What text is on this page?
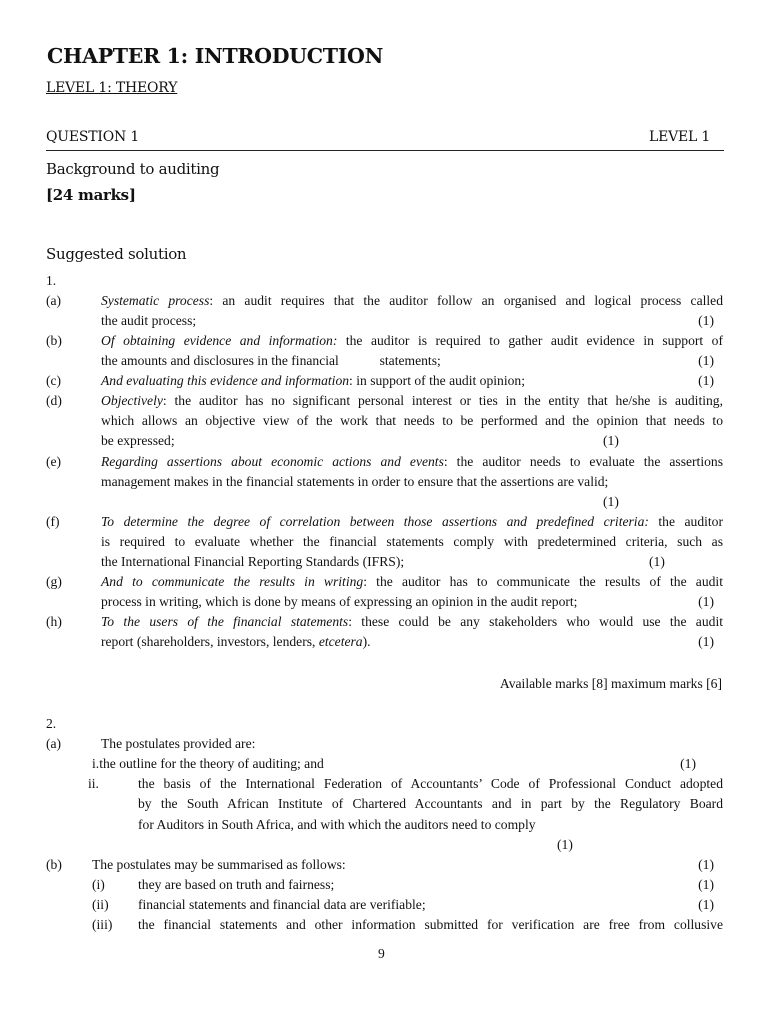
CHAPTER 1: INTRODUCTION
LEVEL 1: THEORY
QUESTION 1	LEVEL 1
Background to auditing
[24 marks]
Suggested solution
1.
(a)	Systematic process: an audit requires that the auditor follow an organised and logical process called
the audit process;	(1)
(b)	Of obtaining evidence and information: the auditor is required to gather audit evidence in support of
the amounts and disclosures in the financial            statements;	(1)
(c)	And evaluating this evidence and information: in support of the audit opinion;	(1)
(d)	Objectively: the auditor has no significant personal interest or ties in the entity that he/she is auditing,
which allows an objective view of the work that needs to be performed and the opinion that needs to
be expressed;	(1)
(e)	Regarding assertions about economic actions and events: the auditor needs to evaluate the assertions
management makes in the financial statements in order to ensure that the assertions are valid;
(1)
(f)	To determine the degree of correlation between those assertions and predefined criteria: the auditor
is required to evaluate whether the financial statements comply with predetermined criteria, such as
the International Financial Reporting Standards (IFRS);	(1)
(g)	And to communicate the results in writing: the auditor has to communicate the results of the audit
process in writing, which is done by means of expressing an opinion in the audit report;	(1)
(h)	To the users of the financial statements: these could be any stakeholders who would use the audit
report (shareholders, investors, lenders, etcetera).	(1)
Available marks [8] maximum marks [6]
2.
(a)	The postulates provided are:
i.the outline for the theory of auditing; and	(1)
ii.	the basis of the International Federation of Accountants’ Code of Professional Conduct adopted
by the South African Institute of Chartered Accountants and in part by the Regulatory Board
for Auditors in South Africa, and with which the auditors need to comply
(1)
(b) The postulates may be summarised as follows:	(1)
(i) they are based on truth and fairness;	(1)
(ii) financial statements and financial data are verifiable;	(1)
(iii) the financial statements and other information submitted for verification are free from collusive
9
